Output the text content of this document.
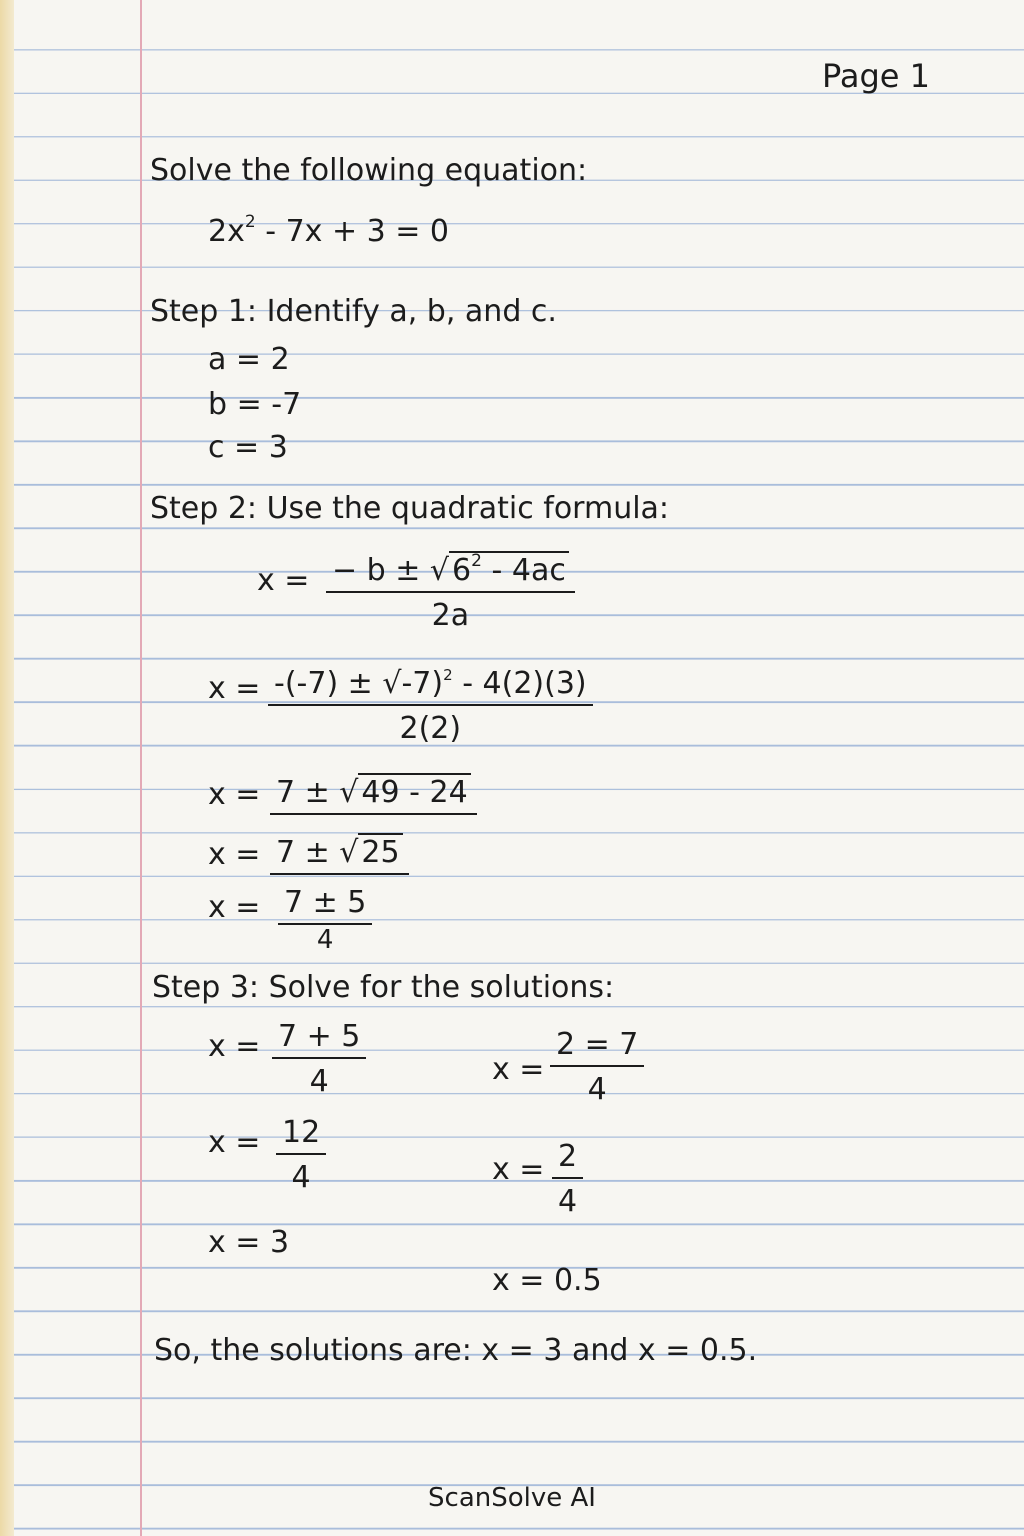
Page 1
Solve the following equation:
$2x^2 - 7x + 3 = 0$
Step 1: Identify a, b, and c.
a = 2
b = -7
c = 3
Step 2: Use the quadratic formula:
$x = \frac{- b \pm √ 6^2 - 4ac}{2a}$
$x = \frac{-(-7) \pm √-7)^2 - 4(2)(3)}{2(2)}$
x = 7 ± √ 49 - 24
x = 7 ± √ 25
$x = \frac{7 \pm 5}{4}$
Step 3: Solve for the solutions:
$x = \frac{7 + 5}{4}$
$x = \frac{12}{4}$
x = 3
$x = \frac{2 = 7}{4}$
$x = \frac{2}{4}$
x = 0.5
So, the solutions are: x = 3 and x = 0.5.
ScanSolve AI
